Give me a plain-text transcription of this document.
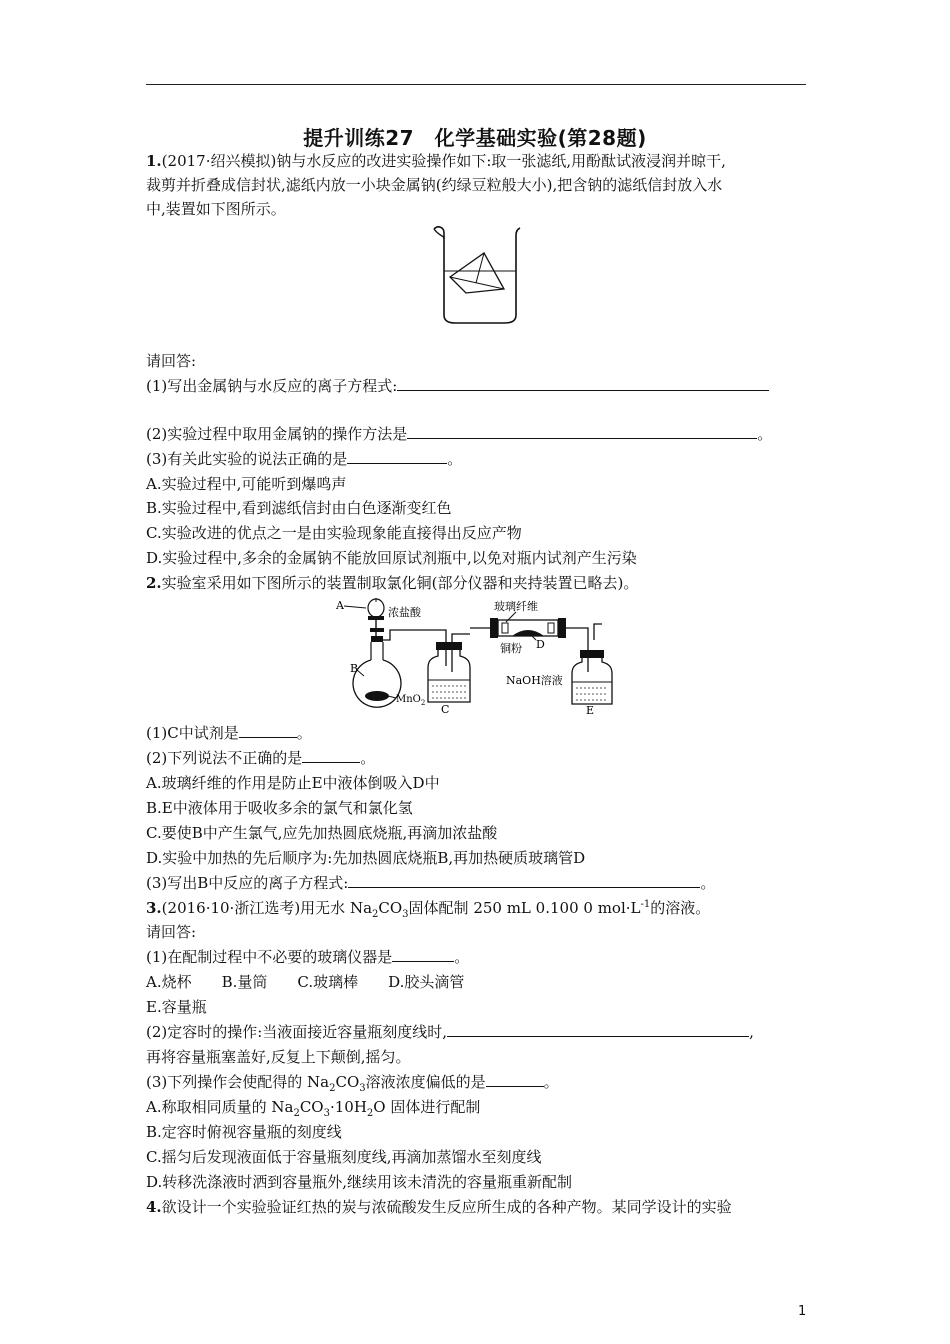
提升训练27　化学基础实验(第28题)
1.(2017·绍兴模拟)钠与水反应的改进实验操作如下:取一张滤纸,用酚酞试液浸润并晾干,
裁剪并折叠成信封状,滤纸内放一小块金属钠(约绿豆粒般大小),把含钠的滤纸信封放入水
中,装置如下图所示。
请回答:
(1)写出金属钠与水反应的离子方程式:
(2)实验过程中取用金属钠的操作方法是	。
(3)有关此实验的说法正确的是	。
A.实验过程中,可能听到爆鸣声
B.实验过程中,看到滤纸信封由白色逐渐变红色
C.实验改进的优点之一是由实验现象能直接得出反应产物
D.实验过程中,多余的金属钠不能放回原试剂瓶中,以免对瓶内试剂产生污染
2.实验室采用如下图所示的装置制取氯化铜(部分仪器和夹持装置已略去)。
A
浓盐酸
B
MnO$_2$ C
玻璃纤维
铜粉 D
NaOH溶液
E
(1)C中试剂是	。
(2)下列说法不正确的是	。
A.玻璃纤维的作用是防止E中液体倒吸入D中
B.E中液体用于吸收多余的氯气和氯化氢
C.要使B中产生氯气,应先加热圆底烧瓶,再滴加浓盐酸
D.实验中加热的先后顺序为:先加热圆底烧瓶B,再加热硬质玻璃管D
(3)写出B中反应的离子方程式:	。
3.(2016·10·浙江选考)用无水 $Na_2CO_3$固体配制 250 mL 0.100 0 $mol\cdot L^{-1}$的溶液。
请回答:
(1)在配制过程中不必要的玻璃仪器是	。
A.烧杯　　B.量筒　　C.玻璃棒　　D.胶头滴管
E.容量瓶
(2)定容时的操作:当液面接近容量瓶刻度线时,	,
再将容量瓶塞盖好,反复上下颠倒,摇匀。
(3)下列操作会使配得的 $Na_2CO_3$溶液浓度偏低的是	。
A.称取相同质量的 $Na_2CO_3\cdot 10H_2O$ 固体进行配制
B.定容时俯视容量瓶的刻度线
C.摇匀后发现液面低于容量瓶刻度线,再滴加蒸馏水至刻度线
D.转移洗涤液时洒到容量瓶外,继续用该未清洗的容量瓶重新配制
4.欲设计一个实验验证红热的炭与浓硫酸发生反应所生成的各种产物。某同学设计的实验
1
